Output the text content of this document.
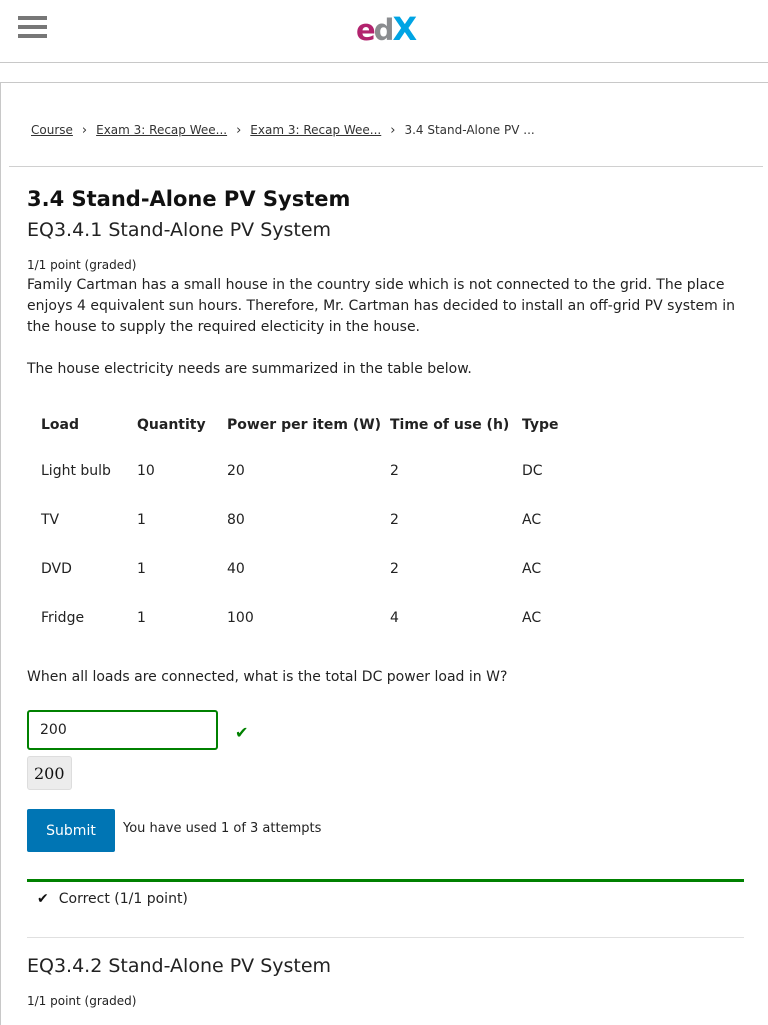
edX
Course › Exam 3: Recap Wee... › Exam 3: Recap Wee... › 3.4 Stand-Alone PV ...
3.4 Stand-Alone PV System
EQ3.4.1 Stand-Alone PV System
1/1 point (graded)
Family Cartman has a small house in the country side which is not connected to the grid. The place enjoys 4 equivalent sun hours. Therefore, Mr. Cartman has decided to install an off-grid PV system in the house to supply the required electicity in the house.
The house electricity needs are summarized in the table below.
Load	Quantity	Power per item (W)	Time of use (h)	Type
Light bulb	10	20	2	DC
TV	1	80	2	AC
DVD	1	40	2	AC
Fridge	1	100	4	AC
When all loads are connected, what is the total DC power load in W?
200
✔
200
Submit	You have used 1 of 3 attempts
✔ Correct (1/1 point)
EQ3.4.2 Stand-Alone PV System
1/1 point (graded)
